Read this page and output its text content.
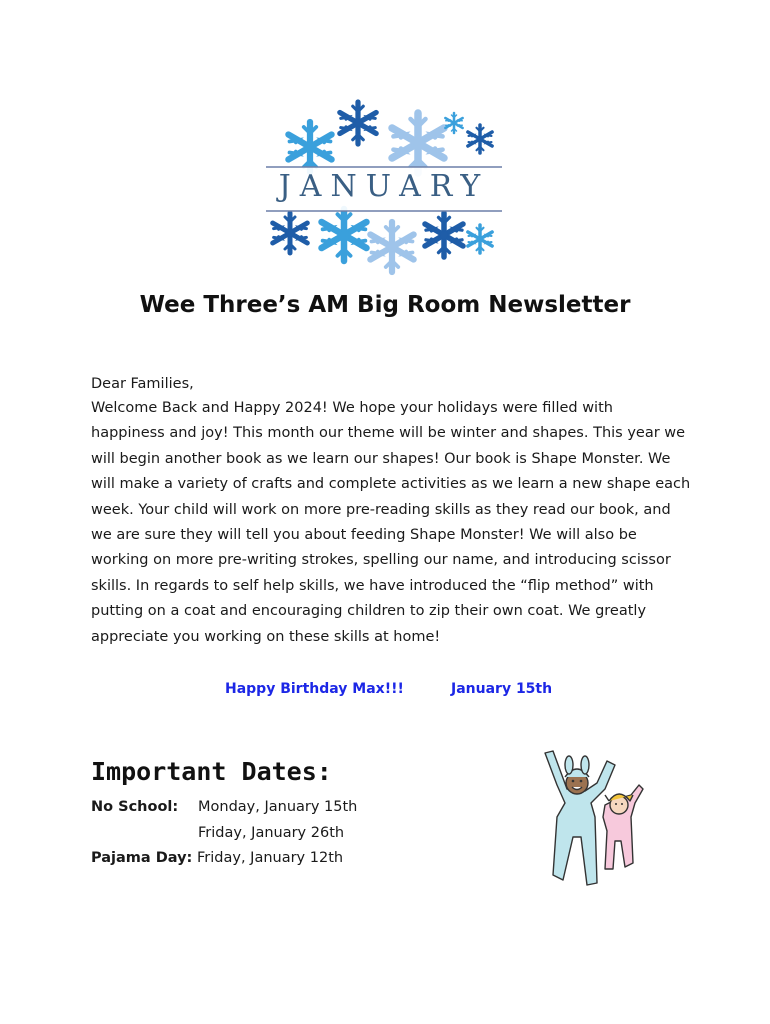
JANUARY
Wee Three’s AM Big Room Newsletter
Dear Families,

Welcome Back and Happy 2024! We hope your holidays were filled with happiness and joy! This month our theme will be winter and shapes. This year we will begin another book as we learn our shapes! Our book is Shape Monster. We will make a variety of crafts and complete activities as we learn a new shape each week. Your child will work on more pre-reading skills as they read our book, and we are sure they will tell you about feeding Shape Monster! We will also be working on more pre-writing strokes, spelling our name, and introducing scissor skills. In regards to self help skills, we have introduced the “flip method” with putting on a coat and encouraging children to zip their own coat. We greatly appreciate you working on these skills at home!

Happy Birthday Max!!!	January 15th
Important Dates:
No School: Monday, January 15th
Friday, January 26th
Pajama Day: Friday, January 12th
